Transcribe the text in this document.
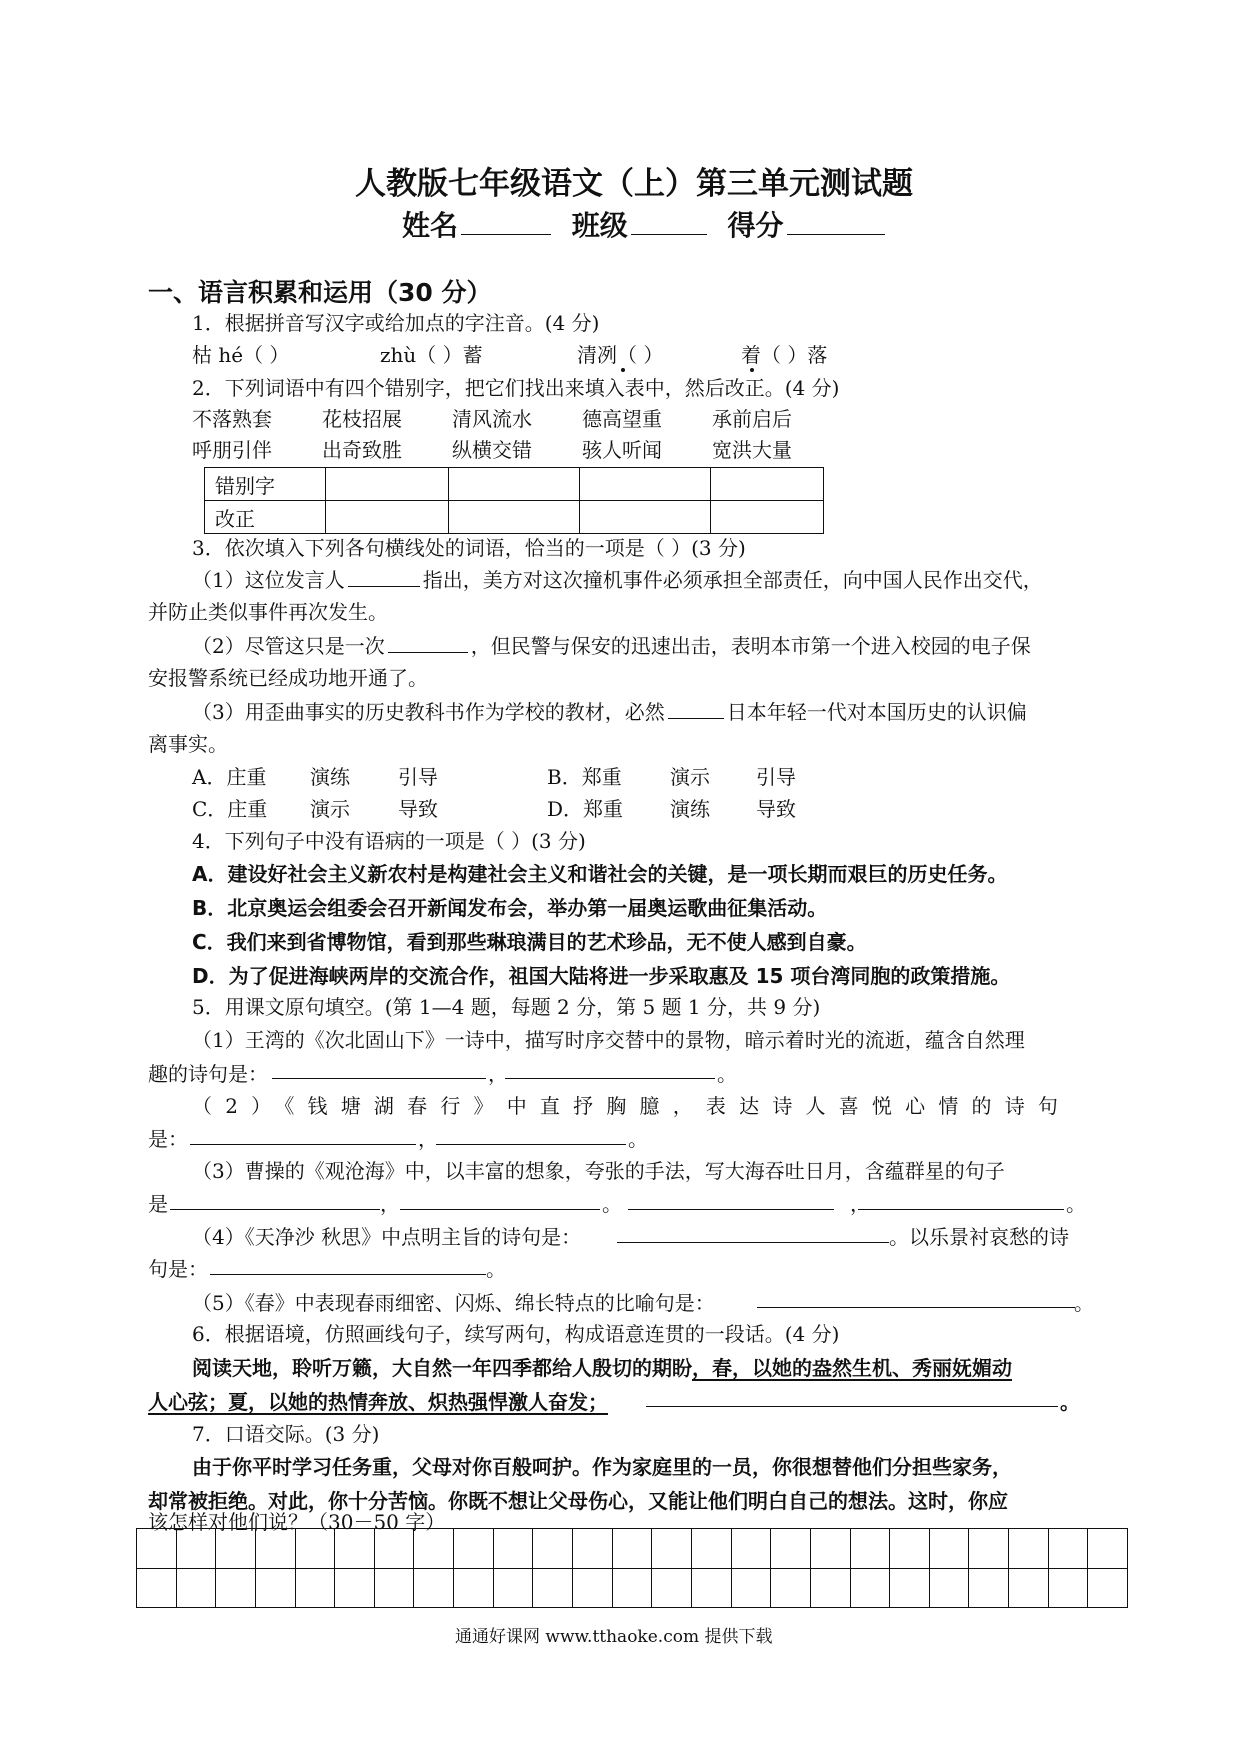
人教版七年级语文（上）第三单元测试题
姓名	班级	得分
一、语言积累和运用（30 分）
1．根据拼音写汉字或给加点的字注音。(4 分)
枯 hé（ ）	zhù（ ）蓄	清冽（ ）	着（ ）落
2．下列词语中有四个错别字，把它们找出来填入表中，然后改正。(4 分)
不落熟套	花枝招展	清风流水	德高望重	承前启后
呼朋引伴	出奇致胜	纵横交错	骇人听闻	宽洪大量
错别字				
改正				
3．依次填入下列各句横线处的词语，恰当的一项是（ ）(3 分)
（1）这位发言人	指出，美方对这次撞机事件必须承担全部责任，向中国人民作出交代，
并防止类似事件再次发生。
（2）尽管这只是一次	，但民警与保安的迅速出击，表明本市第一个进入校园的电子保
安报警系统已经成功地开通了。
（3）用歪曲事实的历史教科书作为学校的教材，必然	日本年轻一代对本国历史的认识偏
离事实。
A．庄重 演练 引导	B．郑重 演示 引导
C．庄重 演示 导致	D．郑重 演练 导致
4．下列句子中没有语病的一项是（ ）(3 分)
A．建设好社会主义新农村是构建社会主义和谐社会的关键，是一项长期而艰巨的历史任务。
B．北京奥运会组委会召开新闻发布会，举办第一届奥运歌曲征集活动。
C．我们来到省博物馆，看到那些琳琅满目的艺术珍品，无不使人感到自豪。
D．为了促进海峡两岸的交流合作，祖国大陆将进一步采取惠及 15 项台湾同胞的政策措施。
5．用课文原句填空。(第 1—4 题，每题 2 分，第 5 题 1 分，共 9 分)
（1）王湾的《次北固山下》一诗中，描写时序交替中的景物，暗示着时光的流逝，蕴含自然理
趣的诗句是：	，	。
（2）《钱塘湖春行》中直抒胸臆，表达诗人喜悦心情的诗句
是：	，	。
（3）曹操的《观沧海》中，以丰富的想象，夸张的手法，写大海吞吐日月，含蕴群星的句子
是	，	。	，	。
（4）《天净沙 秋思》中点明主旨的诗句是：	。以乐景衬哀愁的诗
句是：	。
（5）《春》中表现春雨细密、闪烁、绵长特点的比喻句是：	。
6．根据语境，仿照画线句子，续写两句，构成语意连贯的一段话。(4 分)
阅读天地，聆听万籁，大自然一年四季都给人殷切的期盼，春，以她的盎然生机、秀丽妩媚动
人心弦；夏，以她的热情奔放、炽热强悍激人奋发；	。
7．口语交际。(3 分)
由于你平时学习任务重，父母对你百般呵护。作为家庭里的一员，你很想替他们分担些家务，
却常被拒绝。对此，你十分苦恼。你既不想让父母伤心，又能让他们明白自己的想法。这时，你应
该怎样对他们说？（30－50 字）
通通好课网 www.tthaoke.com 提供下载
